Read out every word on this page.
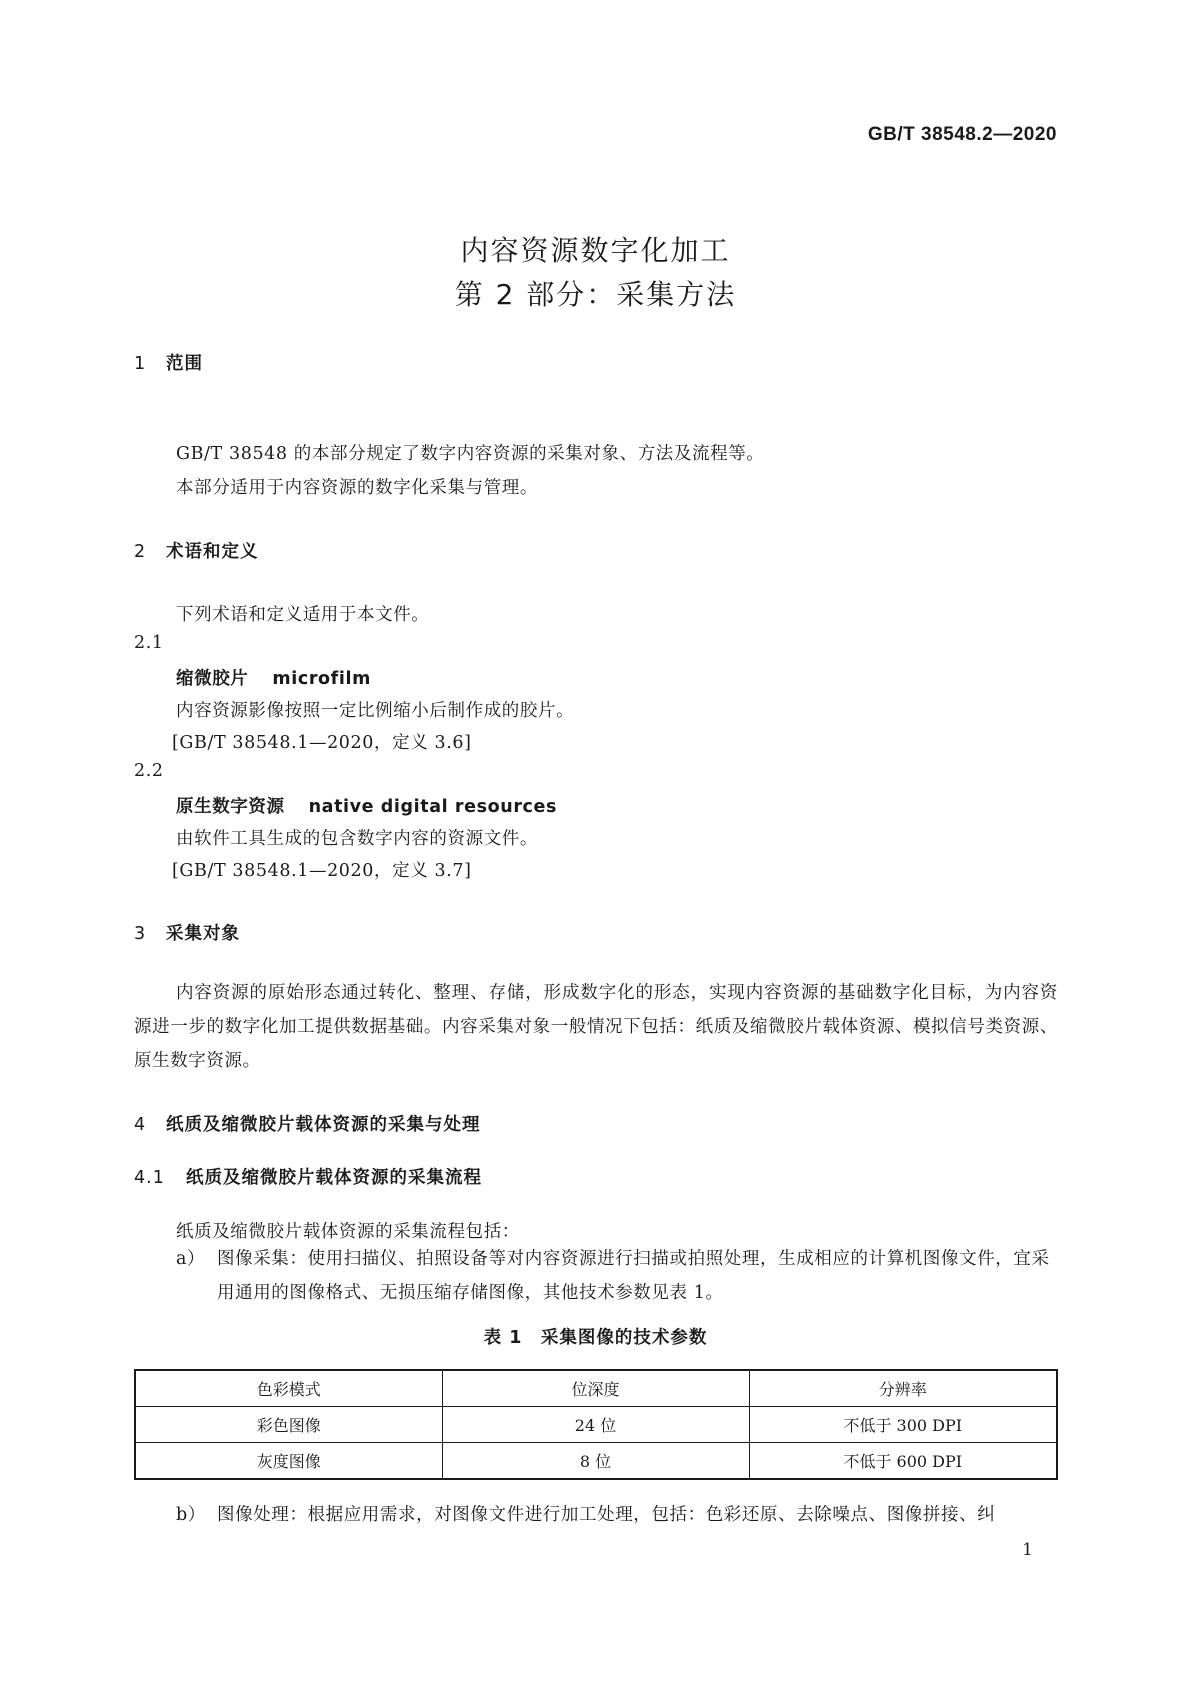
GB/T 38548.2—2020
内容资源数字化加工
第 2 部分：采集方法
1 范围
GB/T 38548 的本部分规定了数字内容资源的采集对象、方法及流程等。
本部分适用于内容资源的数字化采集与管理。
2 术语和定义
下列术语和定义适用于本文件。
2.1
缩微胶片 microfilm
内容资源影像按照一定比例缩小后制作成的胶片。
[GB/T 38548.1—2020，定义 3.6]
2.2
原生数字资源 native digital resources
由软件工具生成的包含数字内容的资源文件。
[GB/T 38548.1—2020，定义 3.7]
3 采集对象
内容资源的原始形态通过转化、整理、存储，形成数字化的形态，实现内容资源的基础数字化目标，为内容资源进一步的数字化加工提供数据基础。内容采集对象一般情况下包括：纸质及缩微胶片载体资源、模拟信号类资源、原生数字资源。
4 纸质及缩微胶片载体资源的采集与处理
4.1 纸质及缩微胶片载体资源的采集流程
纸质及缩微胶片载体资源的采集流程包括：
a） 图像采集：使用扫描仪、拍照设备等对内容资源进行扫描或拍照处理，生成相应的计算机图像文件，宜采用通用的图像格式、无损压缩存储图像，其他技术参数见表 1。
表 1　采集图像的技术参数
色彩模式	位深度	分辨率
彩色图像	24 位	不低于 300 DPI
灰度图像	8 位	不低于 600 DPI
b） 图像处理：根据应用需求，对图像文件进行加工处理，包括：色彩还原、去除噪点、图像拼接、纠
1
